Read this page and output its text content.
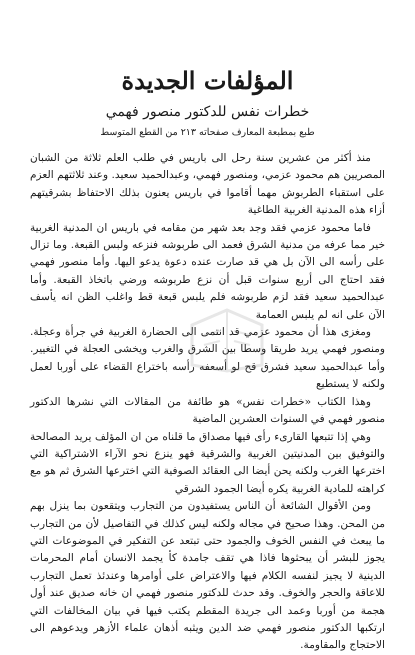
المؤلفات الجديدة
خطرات نفس للدكتور منصور فهمي
طبع بمطبعة المعارف صفحاته ٢١٣ من القطع المتوسط

منذ أكثر من عشرين سنة رحل الى باريس في طلب العلم ثلاثة من الشبان المصريين هم محمود عزمي، ومنصور فهمي، وعبدالحميد سعيد. وعند ثلاثتهم العزم على استقباء الطربوش مهما أقاموا في باريس يعنون بذلك الاحتفاظ بشرقيتهم أزاء هذه المدنية الغربية الطاغية

فاما محمود عزمي فقد وجد بعد شهر من مقامه في باريس ان المدنية الغربية خير مما عرفه من مدنية الشرق فعمد الى طربوشه فنزعه ولبس القبعة. وما تزال على رأسه الى الآن بل هي قد صارت عنده دعوة يدعو اليها. وأما منصور فهمي فقد احتاج الى أربع سنوات قبل أن نزع طربوشه ورضي باتخاذ القبعة. وأما عبدالحميد سعيد فقد لزم طربوشه فلم يلبس قبعة قط واغلب الظن انه يأسف الآن على انه لم يلبس العمامة

ومغزى هذا أن محمود عزمي قد انتمى الى الحضارة الغربية في جرأة وعجلة. ومنصور فهمي يريد طريقا وسطا بين الشرق والغرب ويخشى العجلة في التغيير. وأما عبدالحميد سعيد فشرق قح لو أسعفه رأسه باختراع القضاء على أوربا لعمل ولكنه لا يستطيع

وهذا الكتاب «خطرات نفس» هو طائفة من المقالات التي نشرها الدكتور منصور فهمي في السنوات العشرين الماضية

وهي إذا تتبعها القارىء رأى فيها مصداق ما قلناه من ان المؤلف يريد المصالحة والتوفيق بين المدنيتين الغربية والشرقية فهو ينزع نحو الآراء الاشتراكية التي اخترعها الغرب ولكنه يحن أيضا الى العقائد الصوفية التي اخترعها الشرق ثم هو مع كراهته للمادية الغربية يكره أيضا الجمود الشرقي

ومن الأقوال الشائعة أن الناس يستفيدون من التجارب ويتقعون بما ينزل بهم من المحن. وهذا صحيح في مجاله ولكنه ليس كذلك في التفاصيل لأن من التجارب ما يبعث في النفس الخوف والجمود حتى تبتعد عن التفكير في الموضوعات التي يجوز للبشر أن يبحثوها فاذا هي تقف جامدة كأ يجمد الانسان أمام المحرمات الدينية لا يجيز لنفسه الكلام فيها والاعتراض على أوامرها وعندئذ تعمل التجارب للاعاقة والحجر والخوف. وقد حدث للدكتور منصور فهمي ان خانه صديق عند أول هجمة من أوربا وعمد الى جريدة المقطم يكتب فيها في بيان المخالفات التي ارتكبها الدكتور منصور فهمي ضد الدين ويثبه أذهان علماء الأزهر ويدعوهم الى الاحتجاج والمقاومة.
